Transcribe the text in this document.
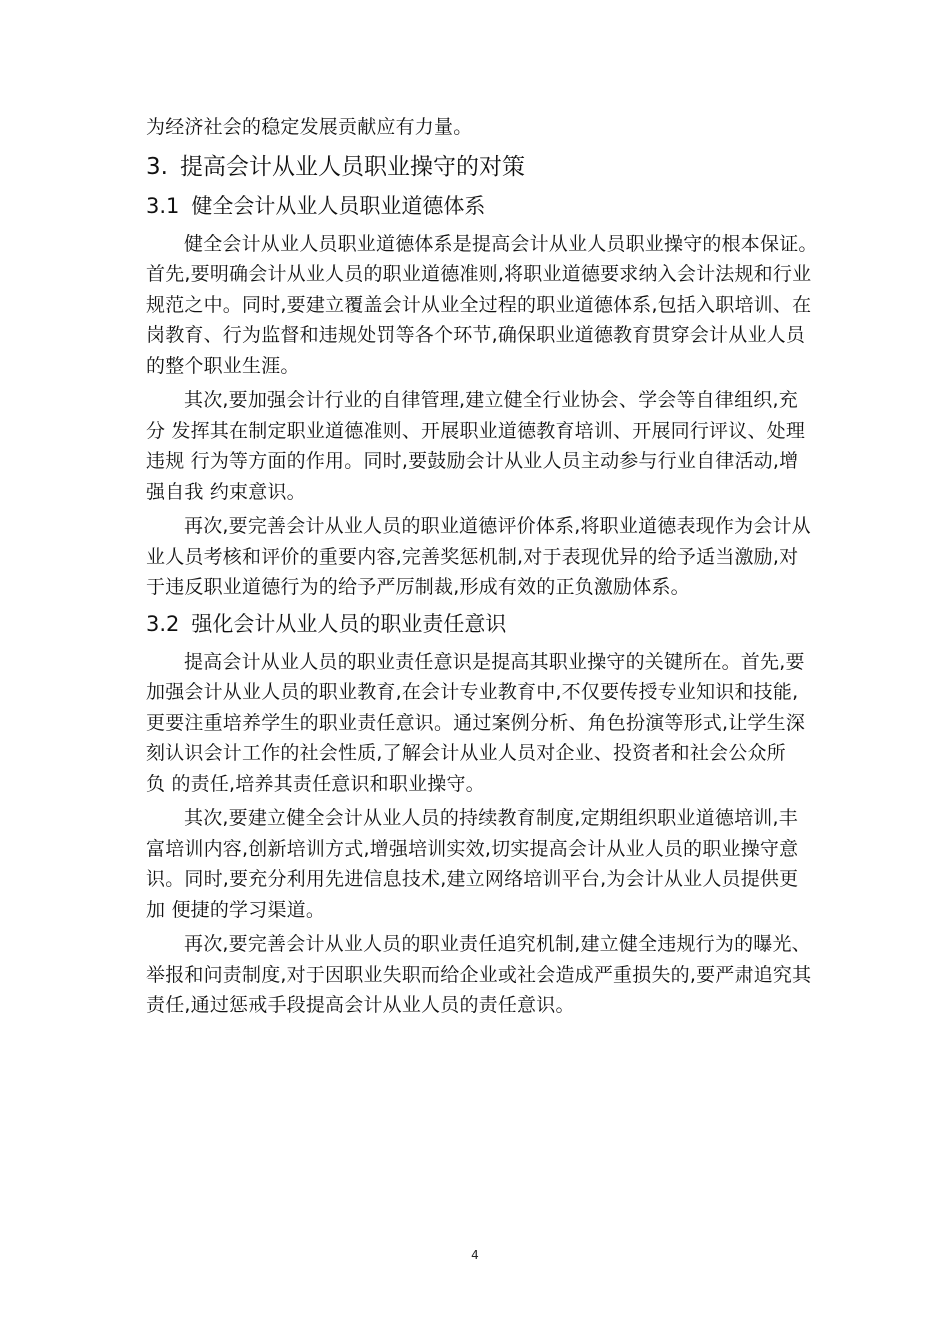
为经济社会的稳定发展贡献应有力量。

3. 提高会计从业人员职业操守的对策
3.1 健全会计从业人员职业道德体系

健全会计从业人员职业道德体系是提高会计从业人员职业操守的根本保证。

首先,要明确会计从业人员的职业道德准则,将职业道德要求纳入会计法规和行业

规范之中。同时,要建立覆盖会计从业全过程的职业道德体系,包括入职培训、在

岗教育、行为监督和违规处罚等各个环节,确保职业道德教育贯穿会计从业人员

的整个职业生涯。

其次,要加强会计行业的自律管理,建立健全行业协会、学会等自律组织,充

分 发挥其在制定职业道德准则、开展职业道德教育培训、开展同行评议、处理

违规 行为等方面的作用。同时,要鼓励会计从业人员主动参与行业自律活动,增

强自我 约束意识。

再次,要完善会计从业人员的职业道德评价体系,将职业道德表现作为会计从

业人员考核和评价的重要内容,完善奖惩机制,对于表现优异的给予适当激励,对

于违反职业道德行为的给予严厉制裁,形成有效的正负激励体系。

3.2 强化会计从业人员的职业责任意识

提高会计从业人员的职业责任意识是提高其职业操守的关键所在。首先,要

加强会计从业人员的职业教育,在会计专业教育中,不仅要传授专业知识和技能,

更要注重培养学生的职业责任意识。通过案例分析、角色扮演等形式,让学生深

刻认识会计工作的社会性质,了解会计从业人员对企业、投资者和社会公众所

负 的责任,培养其责任意识和职业操守。

其次,要建立健全会计从业人员的持续教育制度,定期组织职业道德培训,丰

富培训内容,创新培训方式,增强培训实效,切实提高会计从业人员的职业操守意

识。同时,要充分利用先进信息技术,建立网络培训平台,为会计从业人员提供更

加 便捷的学习渠道。

再次,要完善会计从业人员的职业责任追究机制,建立健全违规行为的曝光、

举报和问责制度,对于因职业失职而给企业或社会造成严重损失的,要严肃追究其

责任,通过惩戒手段提高会计从业人员的责任意识。

4
